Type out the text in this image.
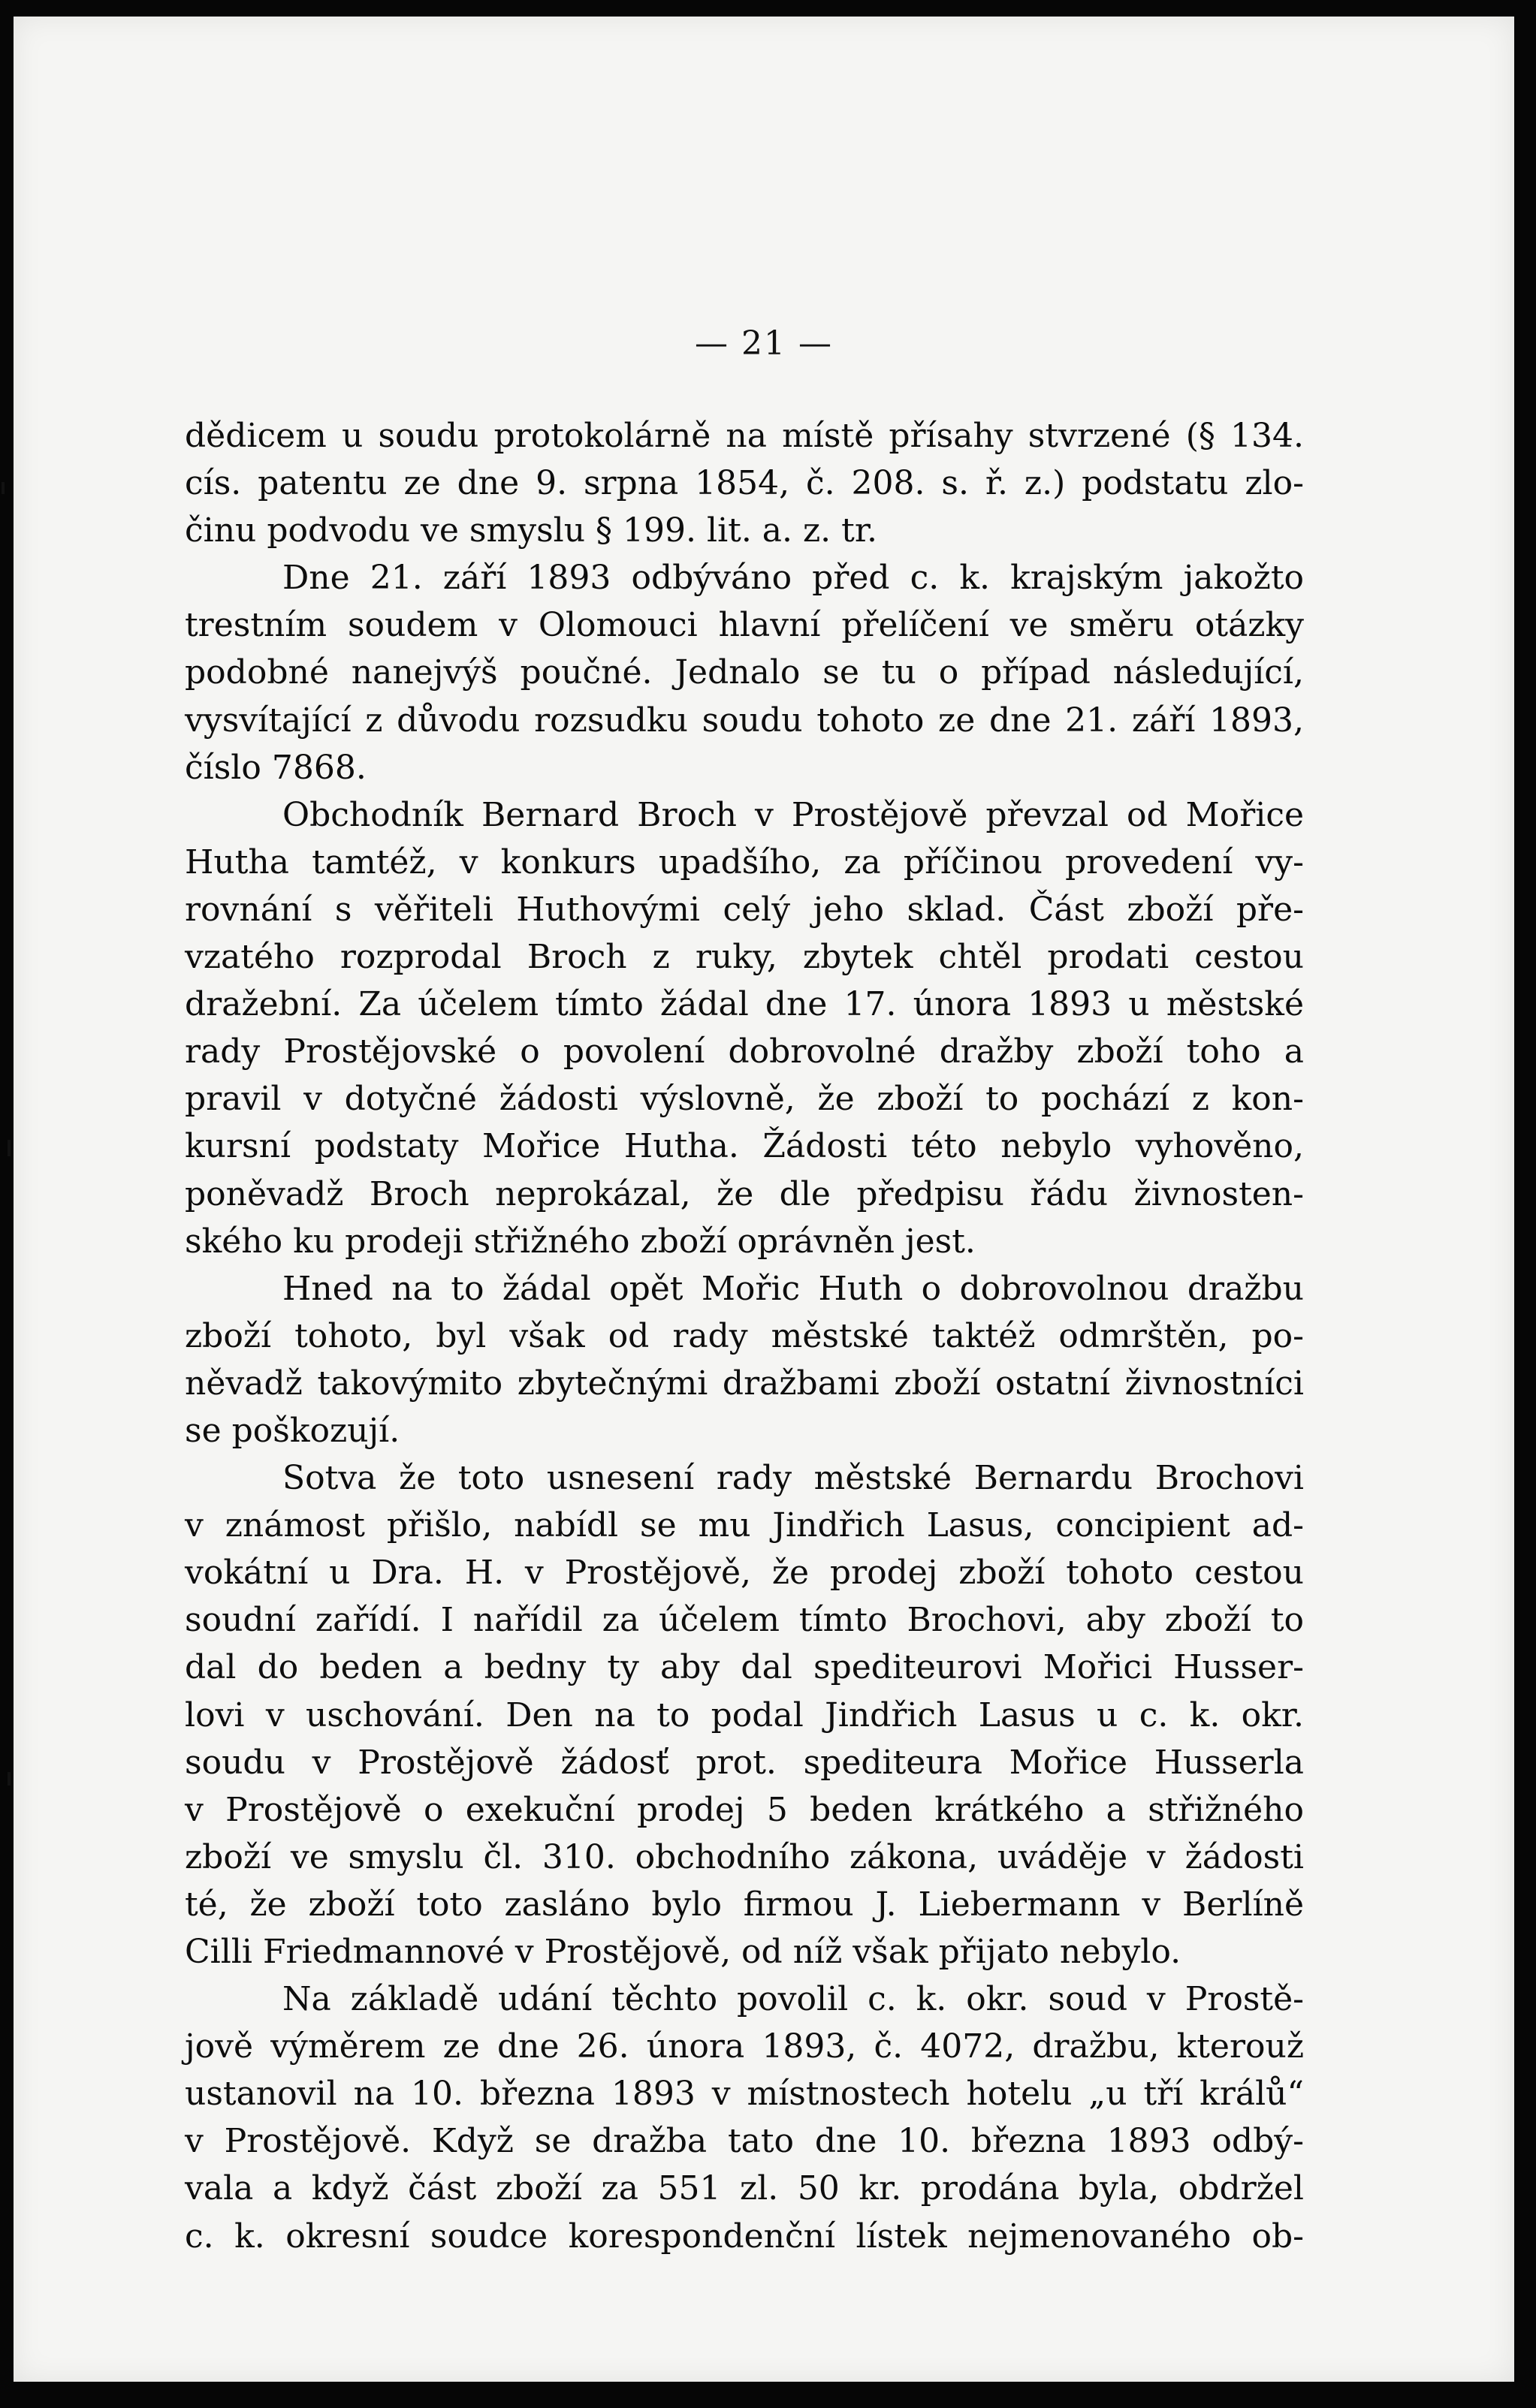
— 21 —
dědicem u soudu protokolárně na místě přísahy stvrzené (§ 134.
cís. patentu ze dne 9. srpna 1854, č. 208. s. ř. z.) podstatu zlo-
činu podvodu ve smyslu § 199. lit. a. z. tr.
Dne 21. září 1893 odbýváno před c. k. krajským jakožto
trestním soudem v Olomouci hlavní přelíčení ve směru otázky
podobné nanejvýš poučné. Jednalo se tu o případ následující,
vysvítající z důvodu rozsudku soudu tohoto ze dne 21. září 1893,
číslo 7868.
Obchodník Bernard Broch v Prostějově převzal od Mořice
Hutha tamtéž, v konkurs upadšího, za příčinou provedení vy-
rovnání s věřiteli Huthovými celý jeho sklad. Část zboží pře-
vzatého rozprodal Broch z ruky, zbytek chtěl prodati cestou
dražební. Za účelem tímto žádal dne 17. února 1893 u městské
rady Prostějovské o povolení dobrovolné dražby zboží toho a
pravil v dotyčné žádosti výslovně, že zboží to pochází z kon-
kursní podstaty Mořice Hutha. Žádosti této nebylo vyhověno,
poněvadž Broch neprokázal, že dle předpisu řádu živnosten-
ského ku prodeji střižného zboží oprávněn jest.
Hned na to žádal opět Mořic Huth o dobrovolnou dražbu
zboží tohoto, byl však od rady městské taktéž odmrštěn, po-
něvadž takovýmito zbytečnými dražbami zboží ostatní živnostníci
se poškozují.
Sotva že toto usnesení rady městské Bernardu Brochovi
v známost přišlo, nabídl se mu Jindřich Lasus, concipient ad-
vokátní u Dra. H. v Prostějově, že prodej zboží tohoto cestou
soudní zařídí. I nařídil za účelem tímto Brochovi, aby zboží to
dal do beden a bedny ty aby dal spediteurovi Mořici Husser-
lovi v uschování. Den na to podal Jindřich Lasus u c. k. okr.
soudu v Prostějově žádosť prot. spediteura Mořice Husserla
v Prostějově o exekuční prodej 5 beden krátkého a střižného
zboží ve smyslu čl. 310. obchodního zákona, uváděje v žádosti
té, že zboží toto zasláno bylo firmou J. Liebermann v Berlíně
Cilli Friedmannové v Prostějově, od níž však přijato nebylo.
Na základě udání těchto povolil c. k. okr. soud v Prostě-
jově výměrem ze dne 26. února 1893, č. 4072, dražbu, kterouž
ustanovil na 10. března 1893 v místnostech hotelu „u tří králů“
v Prostějově. Když se dražba tato dne 10. března 1893 odbý-
vala a když část zboží za 551 zl. 50 kr. prodána byla, obdržel
c. k. okresní soudce korespondenční lístek nejmenovaného ob-
